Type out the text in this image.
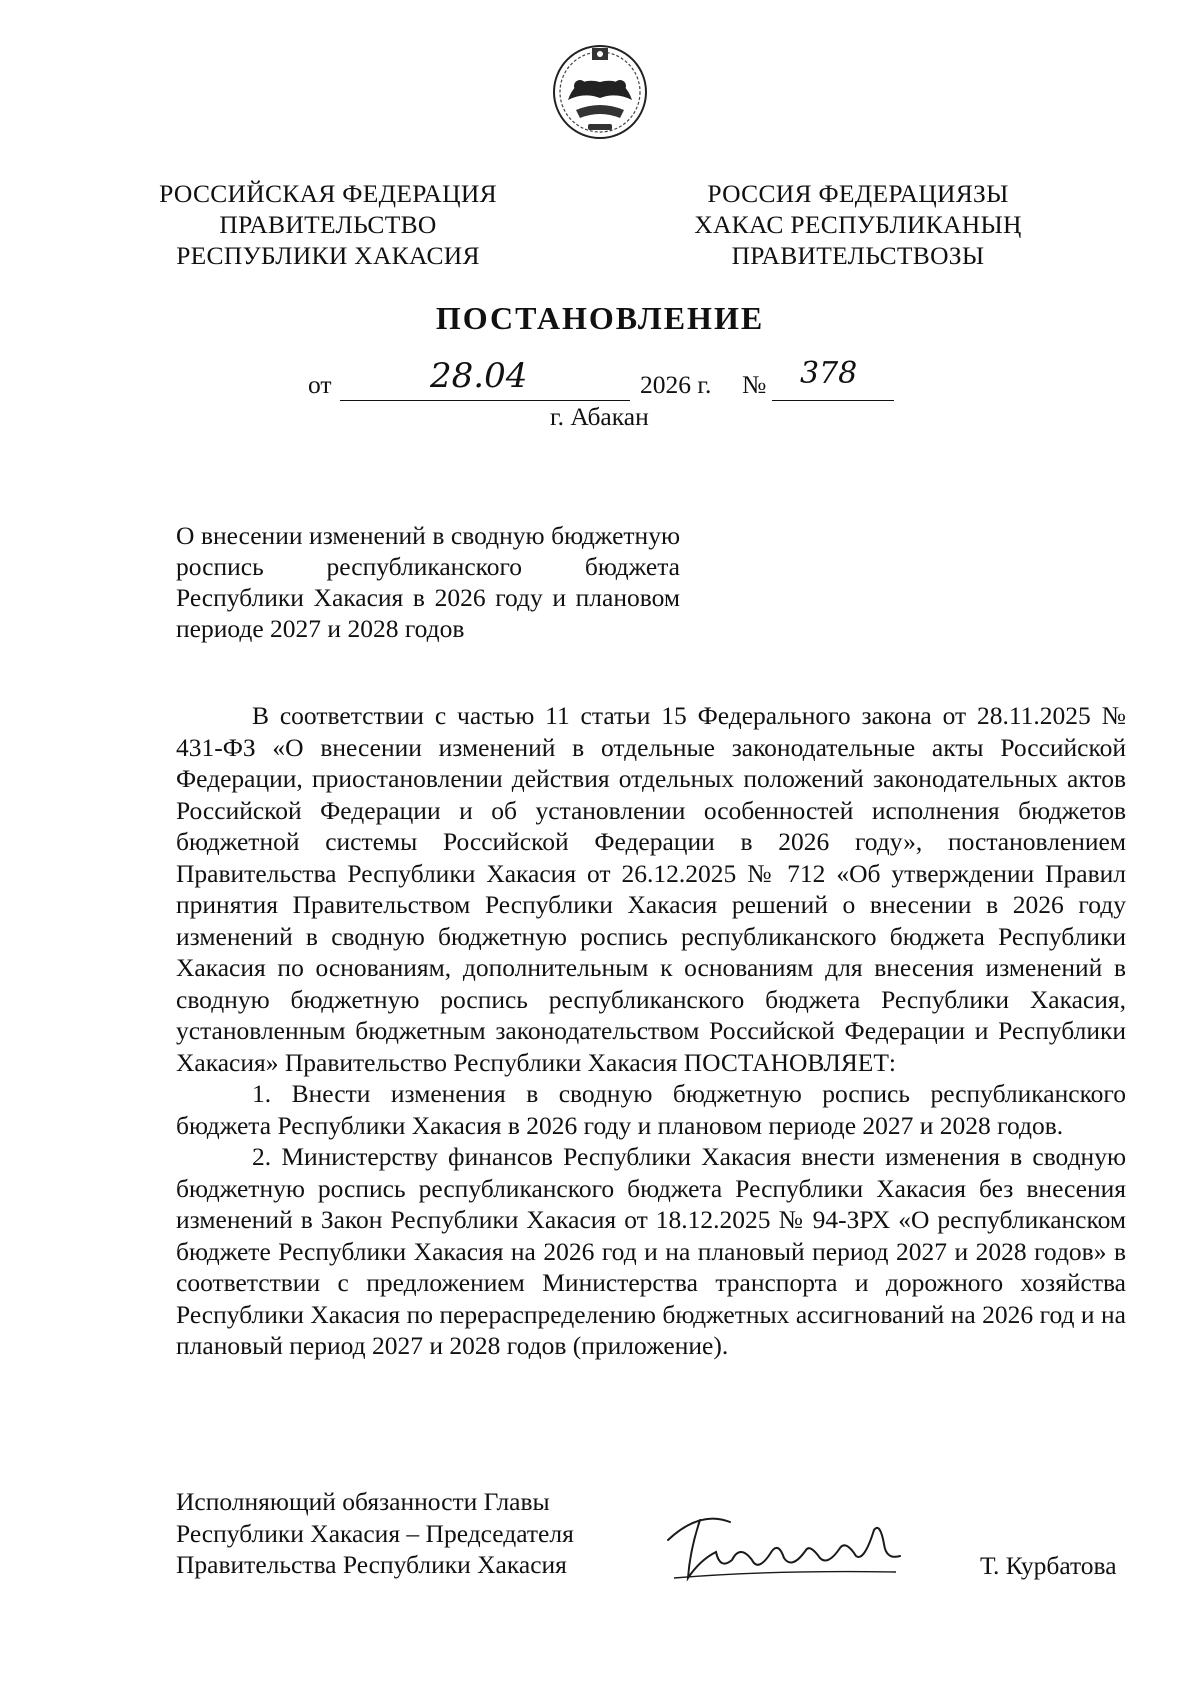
РОССИЙСКАЯ ФЕДЕРАЦИЯ
ПРАВИТЕЛЬСТВО
РЕСПУБЛИКИ ХАКАСИЯ
РОССИЯ ФЕДЕРАЦИЯЗЫ
ХАКАС РЕСПУБЛИКАНЫҢ
ПРАВИТЕЛЬСТВОЗЫ
ПОСТАНОВЛЕНИЕ
от	28.04	2026 г. № 378
г. Абакан
О внесении изменений в сводную бюджетную роспись республиканского бюджета Республики Хакасия в 2026 году и плановом периоде 2027 и 2028 годов

В соответствии с частью 11 статьи 15 Федерального закона от 28.11.2025 № 431-ФЗ «О внесении изменений в отдельные законодательные акты Российской Федерации, приостановлении действия отдельных положений законодательных актов Российской Федерации и об установлении особенностей исполнения бюджетов бюджетной системы Российской Федерации в 2026 году», постановлением Правительства Республики Хакасия от 26.12.2025 № 712 «Об утверждении Правил принятия Правительством Республики Хакасия решений о внесении в 2026 году изменений в сводную бюджетную роспись республиканского бюджета Республики Хакасия по основаниям, дополнительным к основаниям для внесения изменений в сводную бюджетную роспись республиканского бюджета Республики Хакасия, установленным бюджетным законодательством Российской Федерации и Республики Хакасия» Правительство Республики Хакасия ПОСТАНОВЛЯЕТ:

1. Внести изменения в сводную бюджетную роспись республиканского бюджета Республики Хакасия в 2026 году и плановом периоде 2027 и 2028 годов.

2. Министерству финансов Республики Хакасия внести изменения в сводную бюджетную роспись республиканского бюджета Республики Хакасия без внесения изменений в Закон Республики Хакасия от 18.12.2025 № 94-ЗРХ «О республиканском бюджете Республики Хакасия на 2026 год и на плановый период 2027 и 2028 годов» в соответствии с предложением Министерства транспорта и дорожного хозяйства Республики Хакасия по перераспределению бюджетных ассигнований на 2026 год и на плановый период 2027 и 2028 годов (приложение).

Исполняющий обязанности Главы
Республики Хакасия – Председателя
Правительства Республики Хакасия	Т. Курбатова
